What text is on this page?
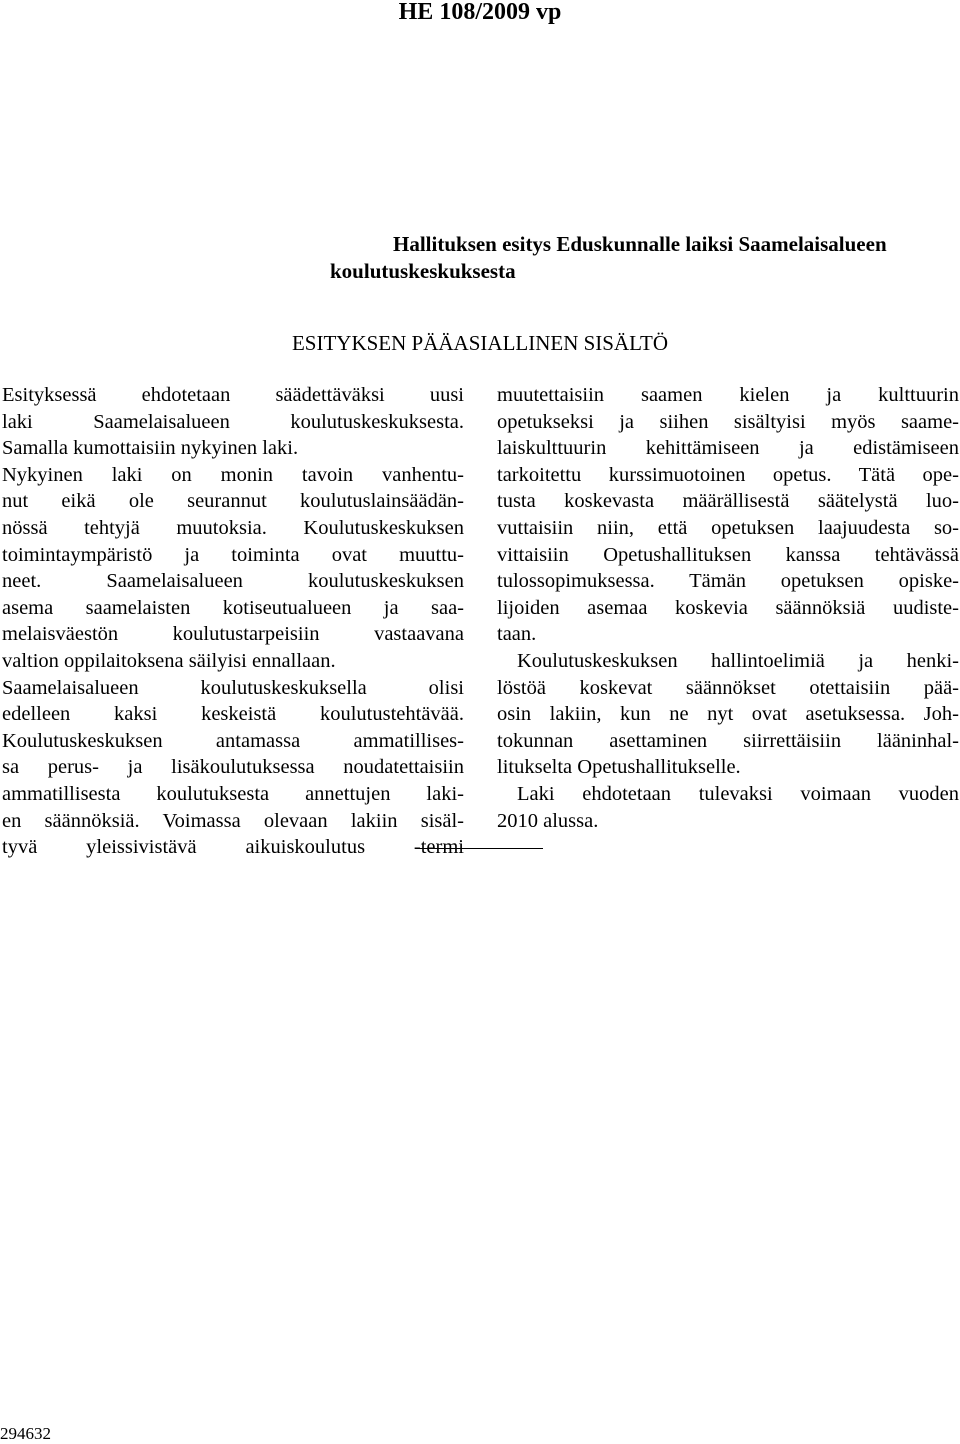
HE 108/2009 vp
Hallituksen esitys Eduskunnalle laiksi Saamelaisalueen
koulutuskeskuksesta
ESITYKSEN PÄÄASIALLINEN SISÄLTÖ

Esityksessä ehdotetaan säädettäväksi uusi
laki Saamelaisalueen koulutuskeskuksesta.
Samalla kumottaisiin nykyinen laki.

Nykyinen laki on monin tavoin vanhentu-
nut eikä ole seurannut koulutuslainsäädän-
nössä tehtyjä muutoksia. Koulutuskeskuksen
toimintaympäristö ja toiminta ovat muuttu-
neet. Saamelaisalueen koulutuskeskuksen
asema saamelaisten kotiseutualueen ja saa-
melaisväestön koulutustarpeisiin vastaavana
valtion oppilaitoksena säilyisi ennallaan.

Saamelaisalueen koulutuskeskuksella olisi
edelleen kaksi keskeistä koulutustehtävää.
Koulutuskeskuksen antamassa ammatillises-
sa perus- ja lisäkoulutuksessa noudatettaisiin
ammatillisesta koulutuksesta annettujen laki-
en säännöksiä. Voimassa olevaan lakiin sisäl-
tyvä yleissivistävä aikuiskoulutus -termi

muutettaisiin saamen kielen ja kulttuurin
opetukseksi ja siihen sisältyisi myös saame-
laiskulttuurin kehittämiseen ja edistämiseen
tarkoitettu kurssimuotoinen opetus. Tätä ope-
tusta koskevasta määrällisestä säätelystä luo-
vuttaisiin niin, että opetuksen laajuudesta so-
vittaisiin Opetushallituksen kanssa tehtävässä
tulossopimuksessa. Tämän opetuksen opiske-
lijoiden asemaa koskevia säännöksiä uudiste-
taan.

Koulutuskeskuksen hallintoelimiä ja henki-
löstöä koskevat säännökset otettaisiin pää-
osin lakiin, kun ne nyt ovat asetuksessa. Joh-
tokunnan asettaminen siirrettäisiin lääninhal-
litukselta Opetushallitukselle.

Laki ehdotetaan tulevaksi voimaan vuoden
2010 alussa.

294632
